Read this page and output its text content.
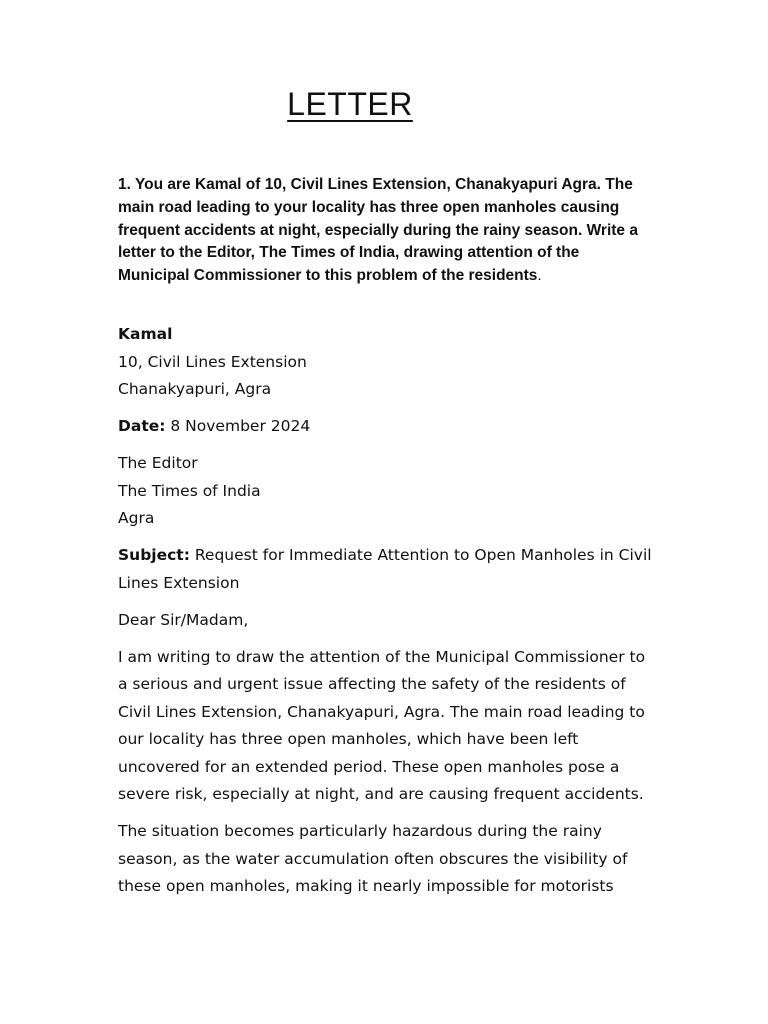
LETTER
1. You are Kamal of 10, Civil Lines Extension, Chanakyapuri Agra. The main road leading to your locality has three open manholes causing frequent accidents at night, especially during the rainy season. Write a letter to the Editor, The Times of India, drawing attention of the Municipal Commissioner to this problem of the residents.

Kamal
10, Civil Lines Extension
Chanakyapuri, Agra

Date: 8 November 2024

The Editor
The Times of India
Agra

Subject: Request for Immediate Attention to Open Manholes in Civil Lines Extension

Dear Sir/Madam,

I am writing to draw the attention of the Municipal Commissioner to a serious and urgent issue affecting the safety of the residents of Civil Lines Extension, Chanakyapuri, Agra. The main road leading to our locality has three open manholes, which have been left uncovered for an extended period. These open manholes pose a severe risk, especially at night, and are causing frequent accidents.

The situation becomes particularly hazardous during the rainy season, as the water accumulation often obscures the visibility of these open manholes, making it nearly impossible for motorists
